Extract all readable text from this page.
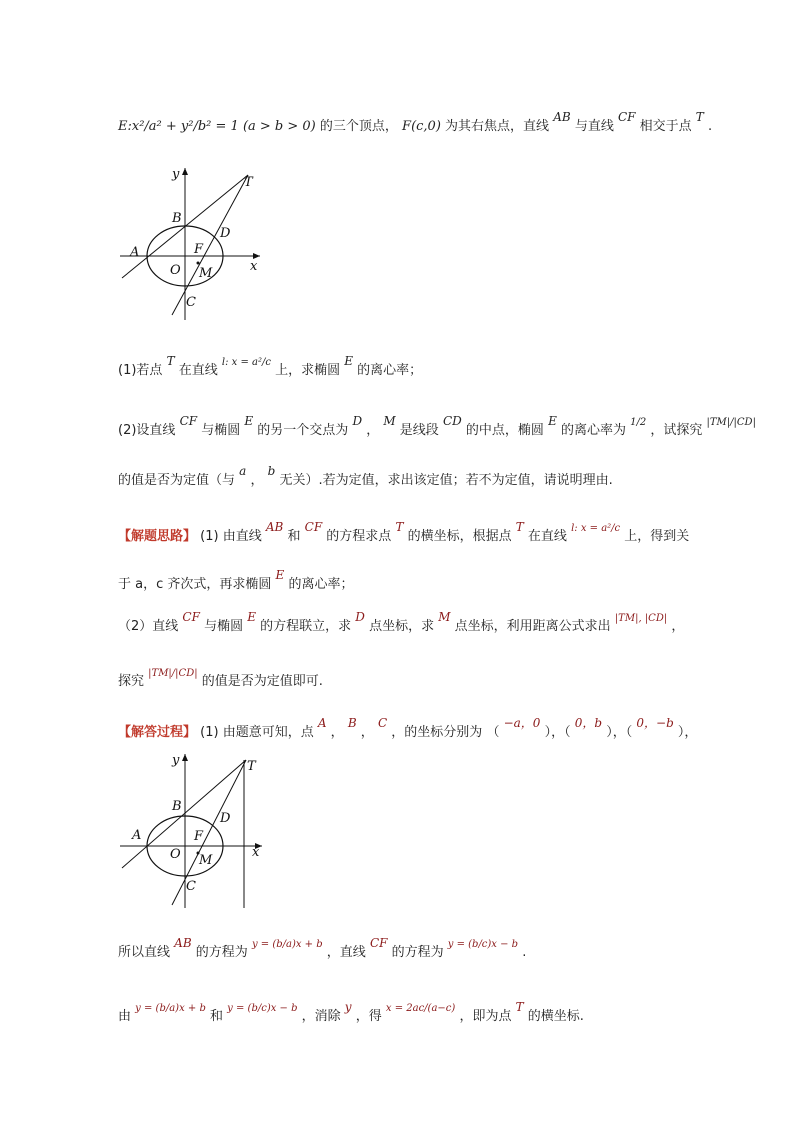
E:x²/a² + y²/b² = 1 (a > b > 0) 的三个顶点， F(c,0) 为其右焦点，直线 AB 与直线 CF 相交于点 T .
y
T
B
D
A	F
O M	x
C
(1)若点 T 在直线 $^{l: x = a^2/c}$ 上，求椭圆 E 的离心率；
(2)设直线 CF 与椭圆 E 的另一个交点为 D ， M 是线段 CD 的中点，椭圆 E 的离心率为 $^{1/2}$ ，试探究 $^{|TM|/|CD|}$
的值是否为定值（与 a ， b 无关）.若为定值，求出该定值；若不为定值，请说明理由.
【解题思路】 (1) 由直线 AB 和 CF 的方程求点 T 的横坐标，根据点 T 在直线 $^{l: x = a^2/c}$ 上，得到关
于 a，c 齐次式，再求椭圆 E 的离心率；
（2）直线 CF 与椭圆 E 的方程联立，求 D 点坐标，求 M 点坐标，利用距离公式求出 $^{|TM|, |CD|}$ ，
探究 $^{|TM|/|CD|}$ 的值是否为定值即可.
【解答过程】 (1) 由题意可知，点 A ， B ， C ，的坐标分别为 （ −a，0 ），（ 0，b ），（ 0，−b ），
y	T
B
D
A	F
O M
x
C
所以直线 AB 的方程为 $^{y = (b/a)x + b}$ ，直线 CF 的方程为 $^{y = (b/c)x - b}$ .
由 $^{y = (b/a)x + b}$ 和 $^{y = (b/c)x - b}$ ，消除 y ，得 $^{x = 2ac/(a-c)}$ ，即为点 T 的横坐标.
